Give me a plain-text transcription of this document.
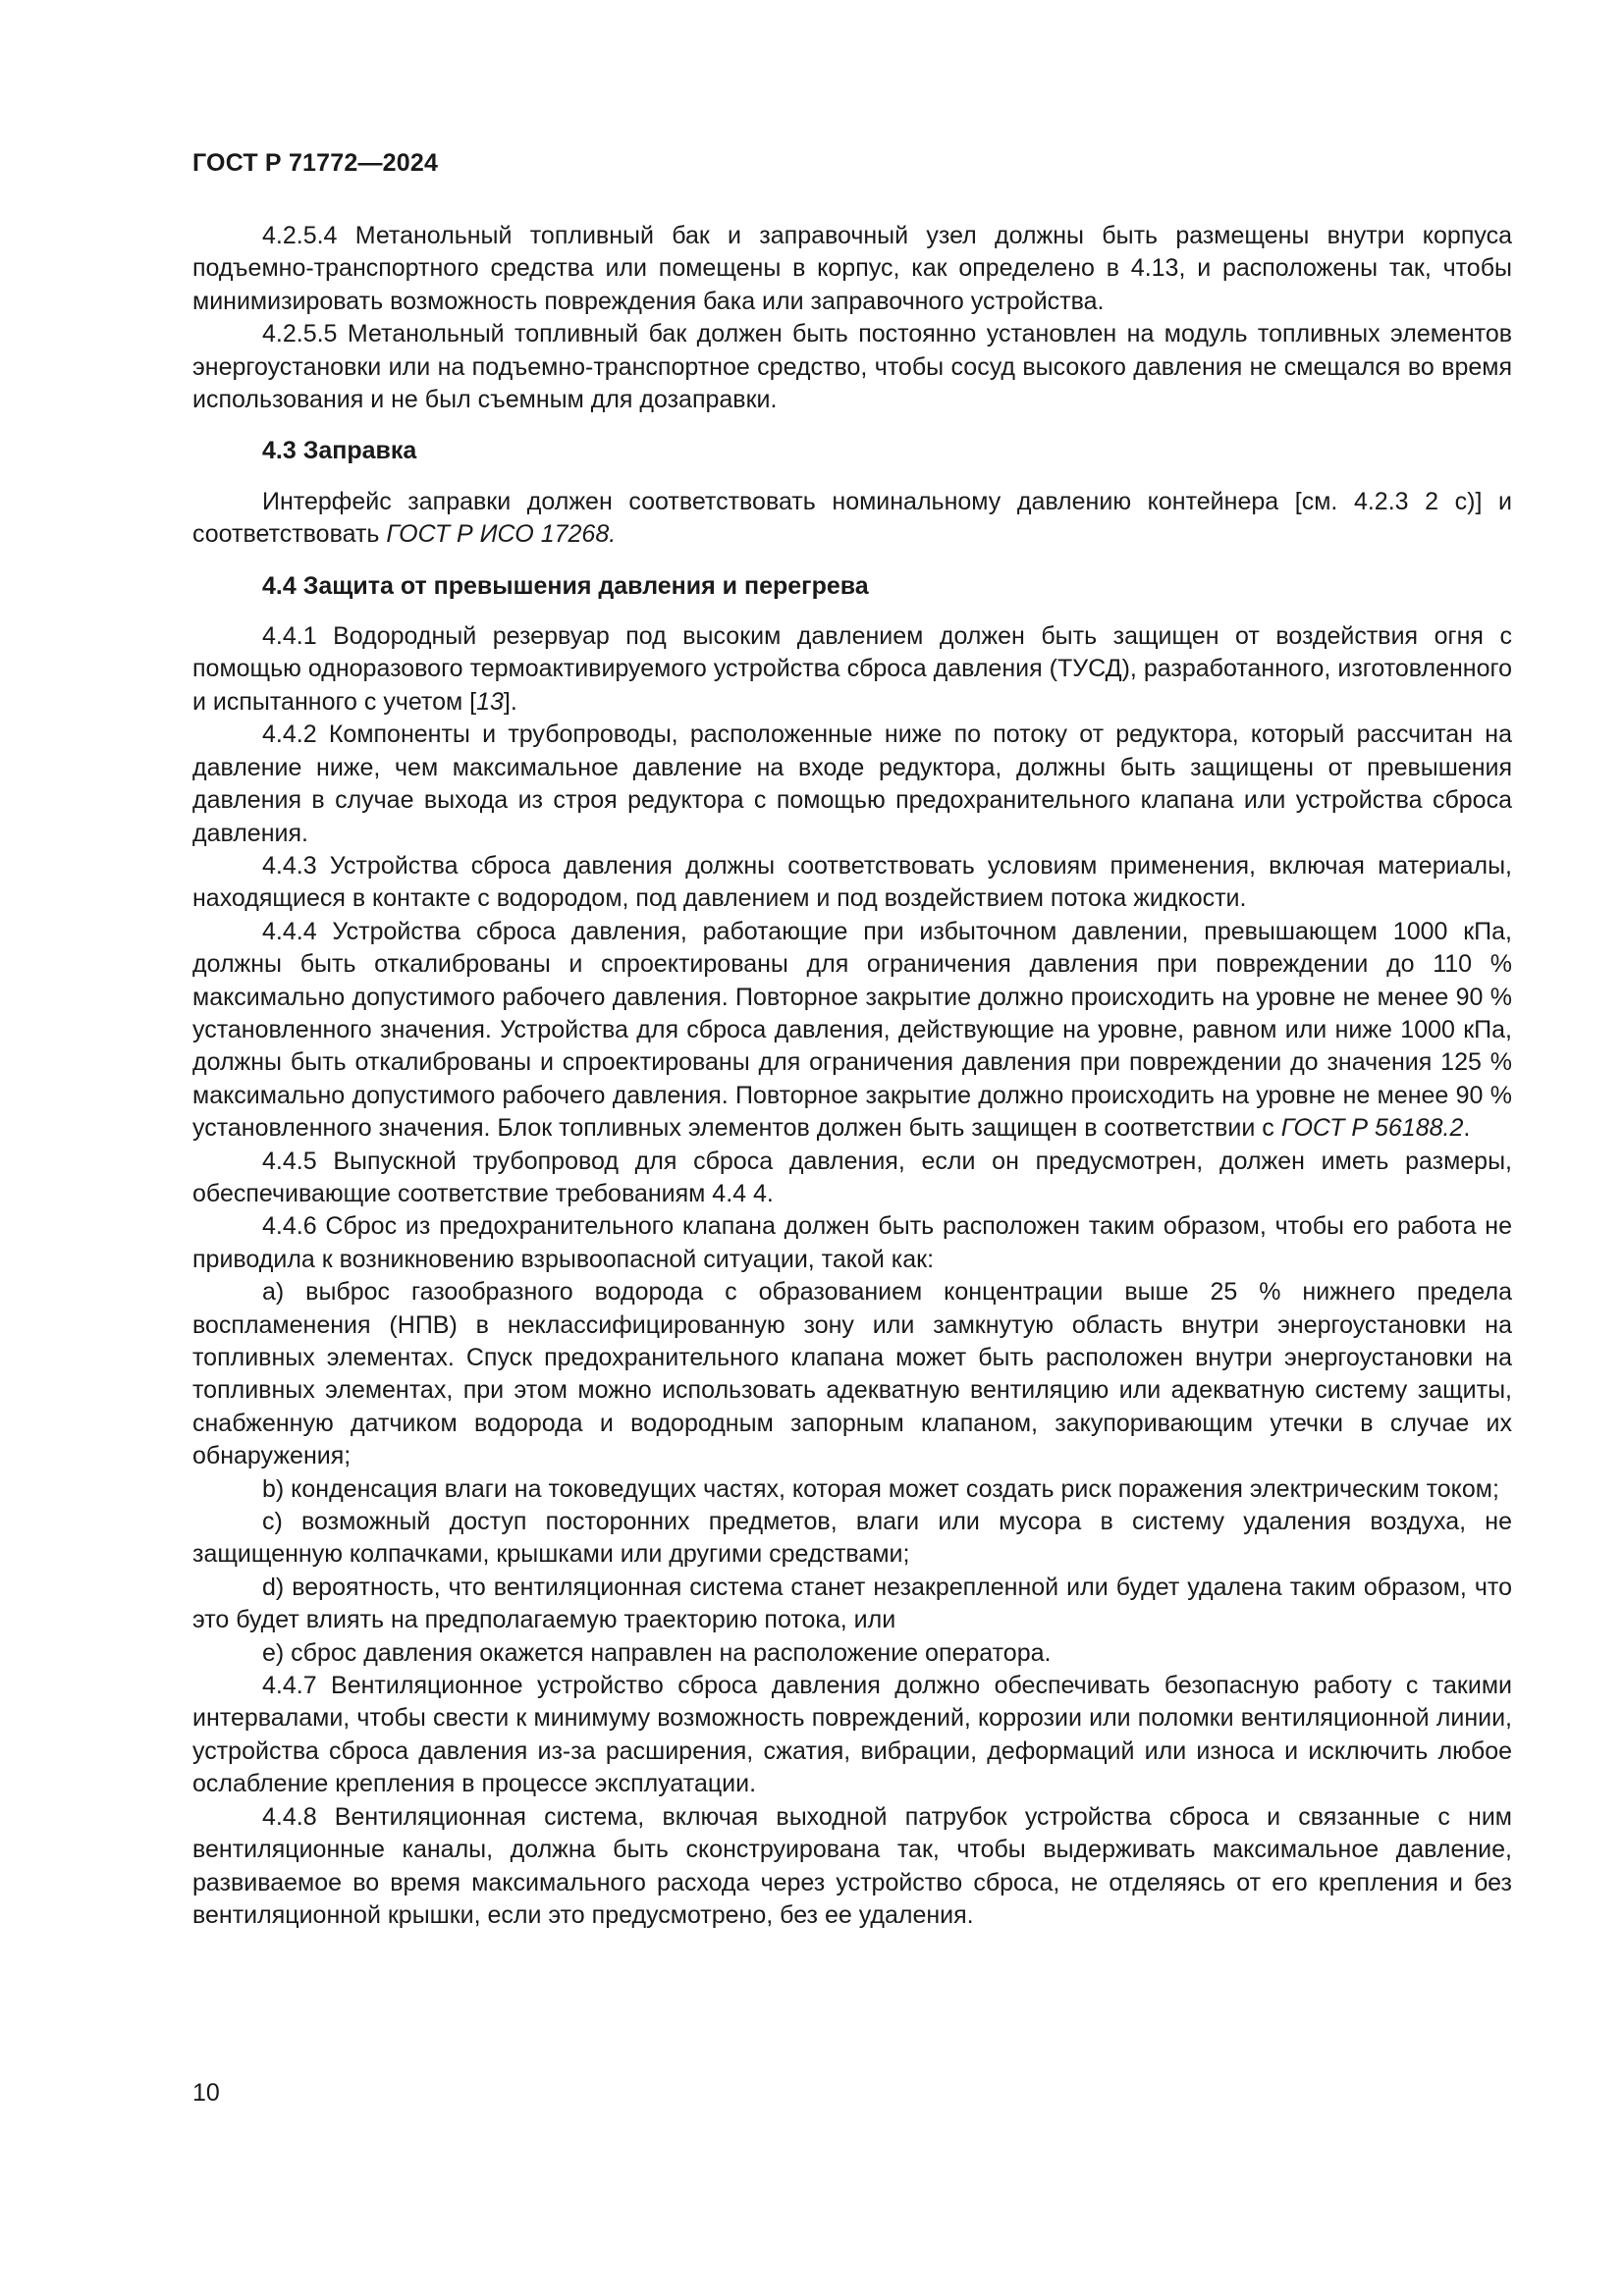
ГОСТ Р 71772—2024

4.2.5.4 Метанольный топливный бак и заправочный узел должны быть размещены внутри корпуса подъемно-транспортного средства или помещены в корпус, как определено в 4.13, и расположены так, чтобы минимизировать возможность повреждения бака или заправочного устройства.

4.2.5.5 Метанольный топливный бак должен быть постоянно установлен на модуль топливных элементов энергоустановки или на подъемно-транспортное средство, чтобы сосуд высокого давления не смещался во время использования и не был съемным для дозаправки.

4.3 Заправка

Интерфейс заправки должен соответствовать номинальному давлению контейнера [см. 4.2.3 2 с)] и соответствовать ГОСТ Р ИСО 17268.

4.4 Защита от превышения давления и перегрева

4.4.1 Водородный резервуар под высоким давлением должен быть защищен от воздействия огня с помощью одноразового термоактивируемого устройства сброса давления (ТУСД), разработанного, изготовленного и испытанного с учетом [13].

4.4.2 Компоненты и трубопроводы, расположенные ниже по потоку от редуктора, который рассчитан на давление ниже, чем максимальное давление на входе редуктора, должны быть защищены от превышения давления в случае выхода из строя редуктора с помощью предохранительного клапана или устройства сброса давления.

4.4.3 Устройства сброса давления должны соответствовать условиям применения, включая материалы, находящиеся в контакте с водородом, под давлением и под воздействием потока жидкости.

4.4.4 Устройства сброса давления, работающие при избыточном давлении, превышающем 1000 кПа, должны быть откалиброваны и спроектированы для ограничения давления при повреждении до 110 % максимально допустимого рабочего давления. Повторное закрытие должно происходить на уровне не менее 90 % установленного значения. Устройства для сброса давления, действующие на уровне, равном или ниже 1000 кПа, должны быть откалиброваны и спроектированы для ограничения давления при повреждении до значения 125 % максимально допустимого рабочего давления. Повторное закрытие должно происходить на уровне не менее 90 % установленного значения. Блок топливных элементов должен быть защищен в соответствии с ГОСТ Р 56188.2.

4.4.5 Выпускной трубопровод для сброса давления, если он предусмотрен, должен иметь размеры, обеспечивающие соответствие требованиям 4.4 4.

4.4.6 Сброс из предохранительного клапана должен быть расположен таким образом, чтобы его работа не приводила к возникновению взрывоопасной ситуации, такой как:

a) выброс газообразного водорода с образованием концентрации выше 25 % нижнего предела воспламенения (НПВ) в неклассифицированную зону или замкнутую область внутри энергоустановки на топливных элементах. Спуск предохранительного клапана может быть расположен внутри энергоустановки на топливных элементах, при этом можно использовать адекватную вентиляцию или адекватную систему защиты, снабженную датчиком водорода и водородным запорным клапаном, закупоривающим утечки в случае их обнаружения;

b) конденсация влаги на токоведущих частях, которая может создать риск поражения электрическим током;

c) возможный доступ посторонних предметов, влаги или мусора в систему удаления воздуха, не защищенную колпачками, крышками или другими средствами;

d) вероятность, что вентиляционная система станет незакрепленной или будет удалена таким образом, что это будет влиять на предполагаемую траекторию потока, или

e) сброс давления окажется направлен на расположение оператора.

4.4.7 Вентиляционное устройство сброса давления должно обеспечивать безопасную работу с такими интервалами, чтобы свести к минимуму возможность повреждений, коррозии или поломки вентиляционной линии, устройства сброса давления из-за расширения, сжатия, вибрации, деформаций или износа и исключить любое ослабление крепления в процессе эксплуатации.

4.4.8 Вентиляционная система, включая выходной патрубок устройства сброса и связанные с ним вентиляционные каналы, должна быть сконструирована так, чтобы выдерживать максимальное давление, развиваемое во время максимального расхода через устройство сброса, не отделяясь от его крепления и без вентиляционной крышки, если это предусмотрено, без ее удаления.

10
